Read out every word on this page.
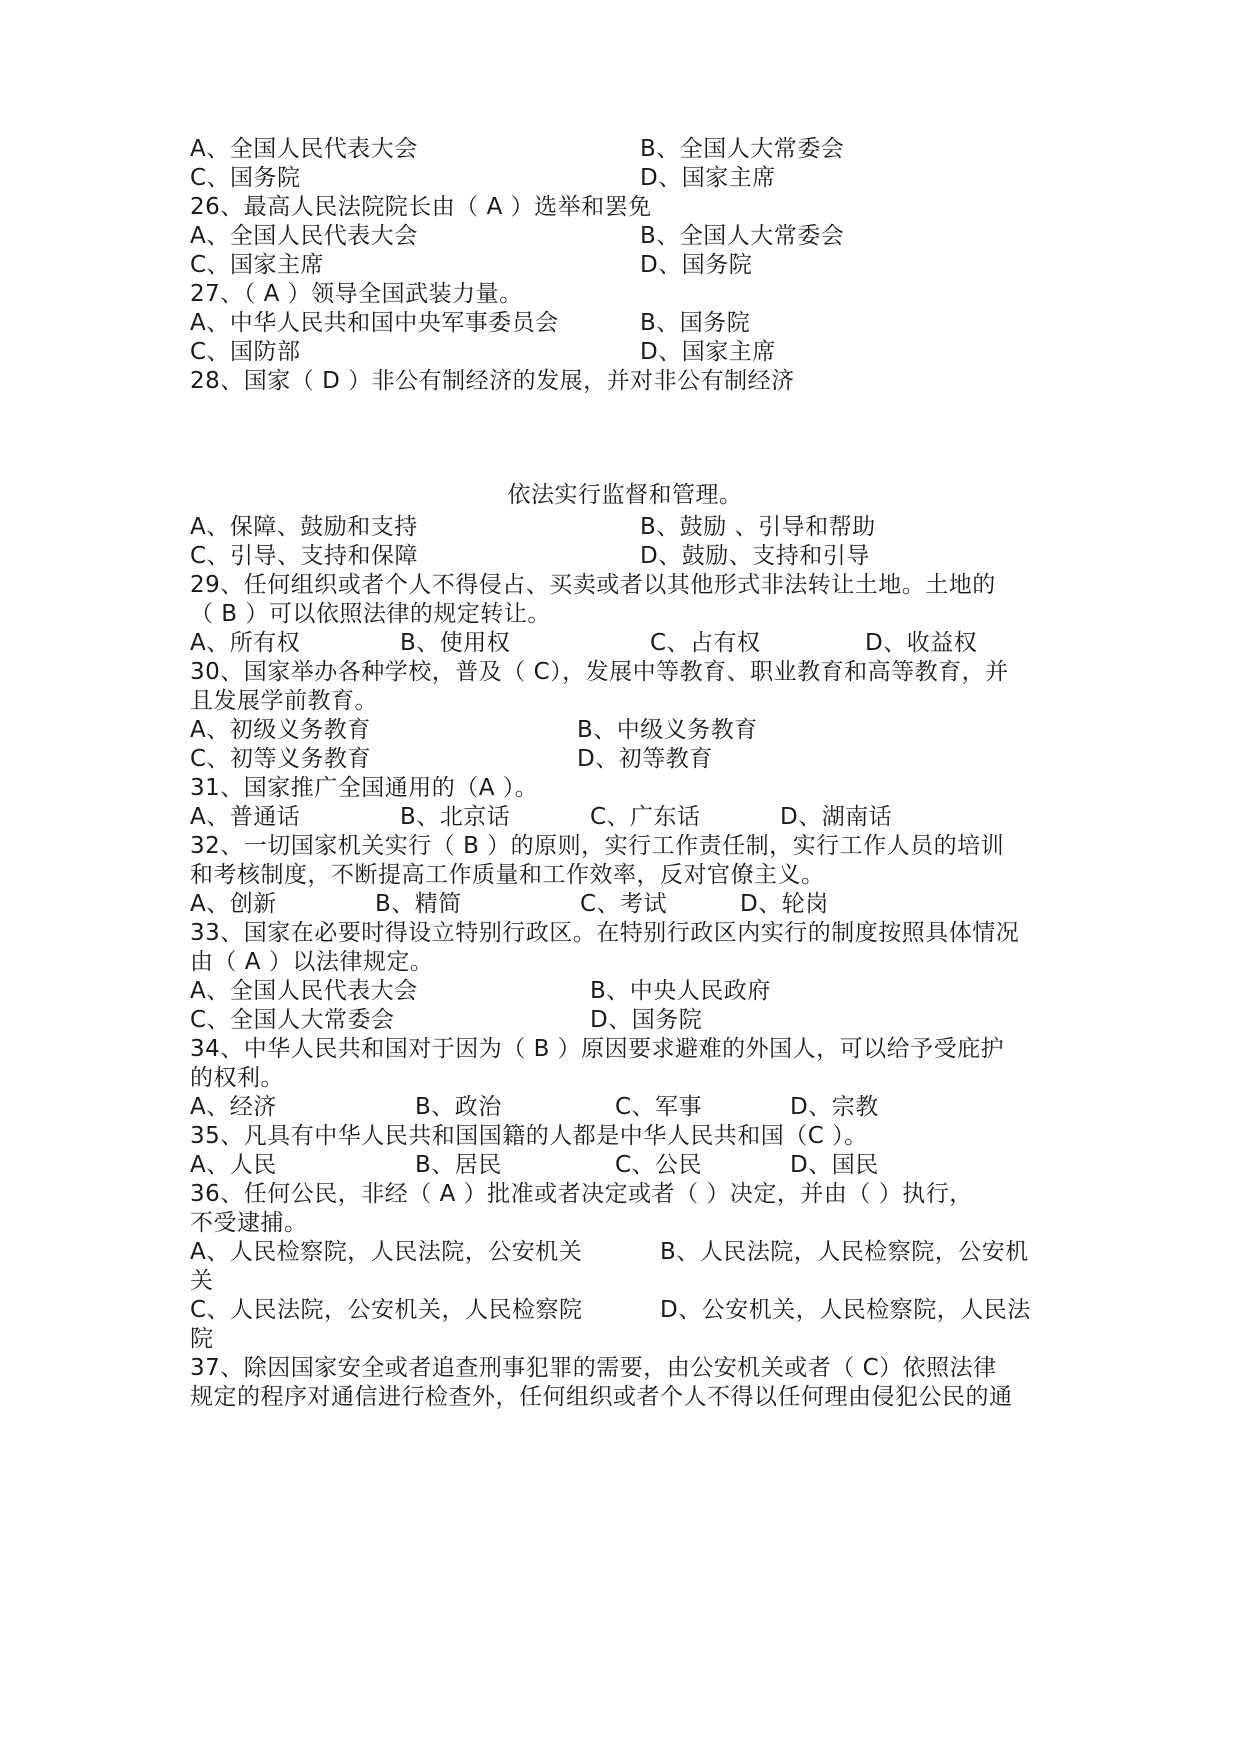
A、全国人民代表大会	B、全国人大常委会
C、国务院	D、国家主席
26、最高人民法院院长由（ A ）选举和罢免
A、全国人民代表大会	B、全国人大常委会
C、国家主席	D、国务院
27、（ A ）领导全国武装力量。
A、中华人民共和国中央军事委员会	B、国务院
C、国防部	D、国家主席
28、国家（ D ）非公有制经济的发展，并对非公有制经济
依法实行监督和管理。
A、保障、鼓励和支持	B、鼓励 、引导和帮助
C、引导、支持和保障	D、鼓励、支持和引导
29、任何组织或者个人不得侵占、买卖或者以其他形式非法转让土地。土地的
（ B ）可以依照法律的规定转让。
A、所有权	B、使用权	C、占有权	D、收益权
30、国家举办各种学校，普及（ C），发展中等教育、职业教育和高等教育，并
且发展学前教育。
A、初级义务教育	B、中级义务教育
C、初等义务教育	D、初等教育
31、国家推广全国通用的（A ）。
A、普通话	B、北京话	C、广东话	D、湖南话
32、一切国家机关实行（ B ）的原则，实行工作责任制，实行工作人员的培训
和考核制度，不断提高工作质量和工作效率，反对官僚主义。
A、创新	B、精简	C、考试	D、轮岗
33、国家在必要时得设立特别行政区。在特别行政区内实行的制度按照具体情况
由（ A ）以法律规定。
A、全国人民代表大会	B、中央人民政府
C、全国人大常委会	D、国务院
34、中华人民共和国对于因为（ B ）原因要求避难的外国人，可以给予受庇护
的权利。
A、经济	B、政治	C、军事	D、宗教
35、凡具有中华人民共和国国籍的人都是中华人民共和国（C ）。
A、人民	B、居民	C、公民	D、国民
36、任何公民，非经（ A ）批准或者决定或者（ ）决定，并由（ ）执行，
不受逮捕。
A、人民检察院，人民法院，公安机关	B、人民法院，人民检察院，公安机
关
C、人民法院，公安机关，人民检察院	D、公安机关，人民检察院，人民法
院
37、除因国家安全或者追查刑事犯罪的需要，由公安机关或者（ C）依照法律
规定的程序对通信进行检查外，任何组织或者个人不得以任何理由侵犯公民的通
